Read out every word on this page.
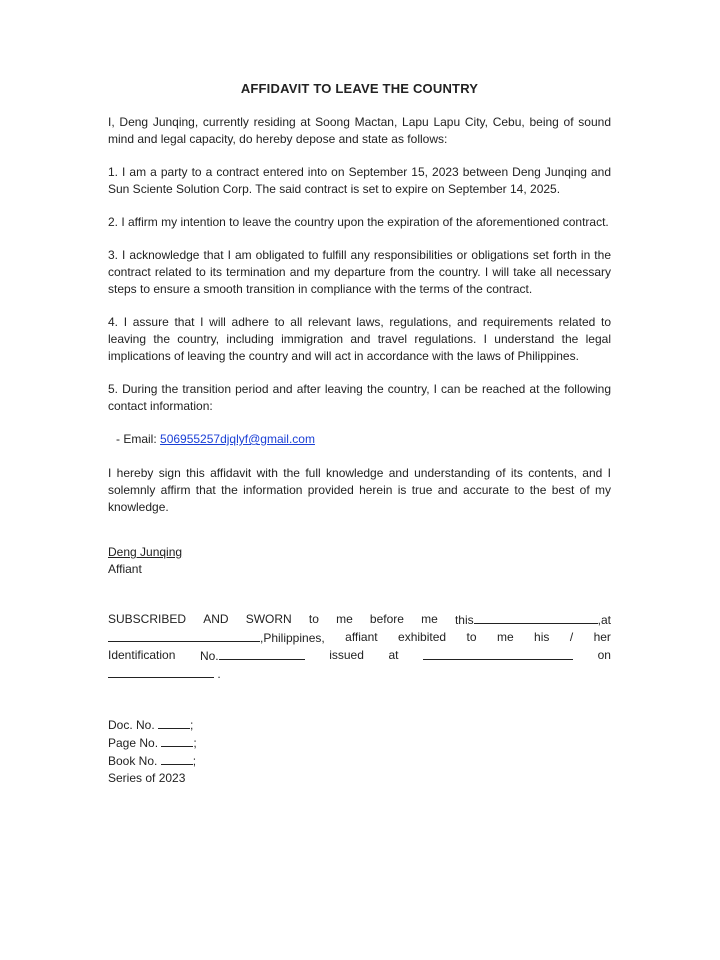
AFFIDAVIT TO LEAVE THE COUNTRY

I, Deng Junqing, currently residing at Soong Mactan, Lapu Lapu City, Cebu, being of sound mind and legal capacity, do hereby depose and state as follows:

1. I am a party to a contract entered into on September 15, 2023 between Deng Junqing and Sun Sciente Solution Corp. The said contract is set to expire on September 14, 2025.

2. I affirm my intention to leave the country upon the expiration of the aforementioned contract.

3. I acknowledge that I am obligated to fulfill any responsibilities or obligations set forth in the contract related to its termination and my departure from the country. I will take all necessary steps to ensure a smooth transition in compliance with the terms of the contract.

4. I assure that I will adhere to all relevant laws, regulations, and requirements related to leaving the country, including immigration and travel regulations. I understand the legal implications of leaving the country and will act in accordance with the laws of Philippines.

5. During the transition period and after leaving the country, I can be reached at the following contact information:

- Email: 506955257djqlyf@gmail.com

I hereby sign this affidavit with the full knowledge and understanding of its contents, and I solemnly affirm that the information provided herein is true and accurate to the best of my knowledge.

Deng Junqing
Affiant
SUBSCRIBED AND SWORN to me before me this	,at
,Philippines, affiant exhibited to me his / her
Identification No.	issued at	on
.
Doc. No.	;
Page No.	;
Book No.	;
Series of 2023
